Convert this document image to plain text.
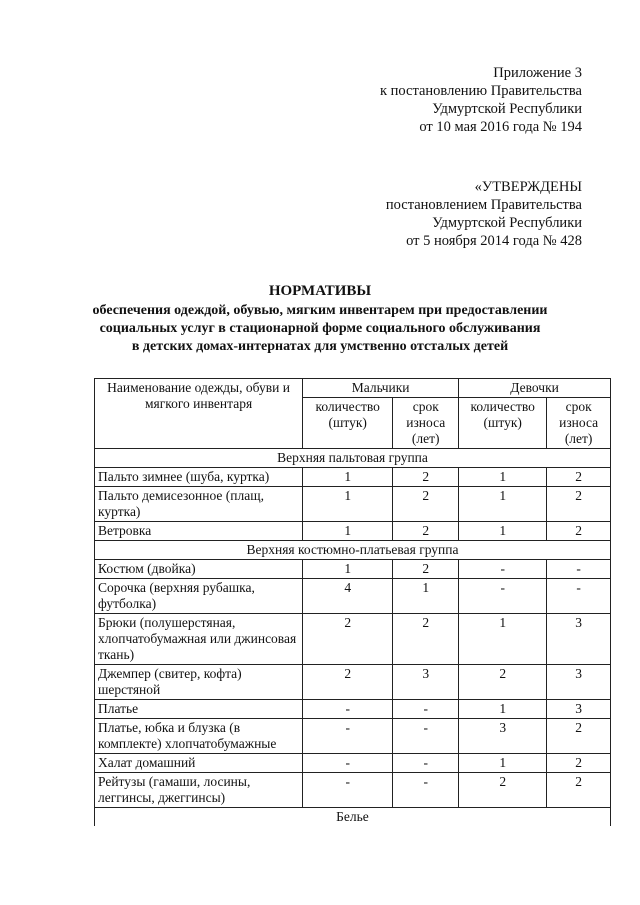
Приложение 3
к постановлению Правительства
Удмуртской Республики
от 10 мая 2016 года № 194
«УТВЕРЖДЕНЫ
постановлением Правительства
Удмуртской Республики
от 5 ноября 2014 года № 428
НОРМАТИВЫ
обеспечения одеждой, обувью, мягким инвентарем при предоставлении
социальных услуг в стационарной форме социального обслуживания
в детских домах-интернатах для умственно отсталых детей
Наименование одежды, обуви и мягкого инвентаря	Мальчики		Девочки	
	количество (штук)	срок износа (лет)	количество (штук)	срок износа (лет)
Верхняя пальтовая группа				
Пальто зимнее (шуба, куртка)	1	2	1	2
Пальто демисезонное (плащ, куртка)	1	2	1	2
Ветровка	1	2	1	2
Верхняя костюмно-платьевая группа				
Костюм (двойка)	1	2	-	-
Сорочка (верхняя рубашка, футболка)	4	1	-	-
Брюки (полушерстяная, хлопчатобумажная или джинсовая ткань)	2	2	1	3
Джемпер (свитер, кофта) шерстяной	2	3	2	3
Платье	-	-	1	3
Платье, юбка и блузка (в комплекте) хлопчатобумажные	-	-	3	2
Халат домашний	-	-	1	2
Рейтузы (гамаши, лосины, леггинсы, джеггинсы)	-	-	2	2
Белье				
